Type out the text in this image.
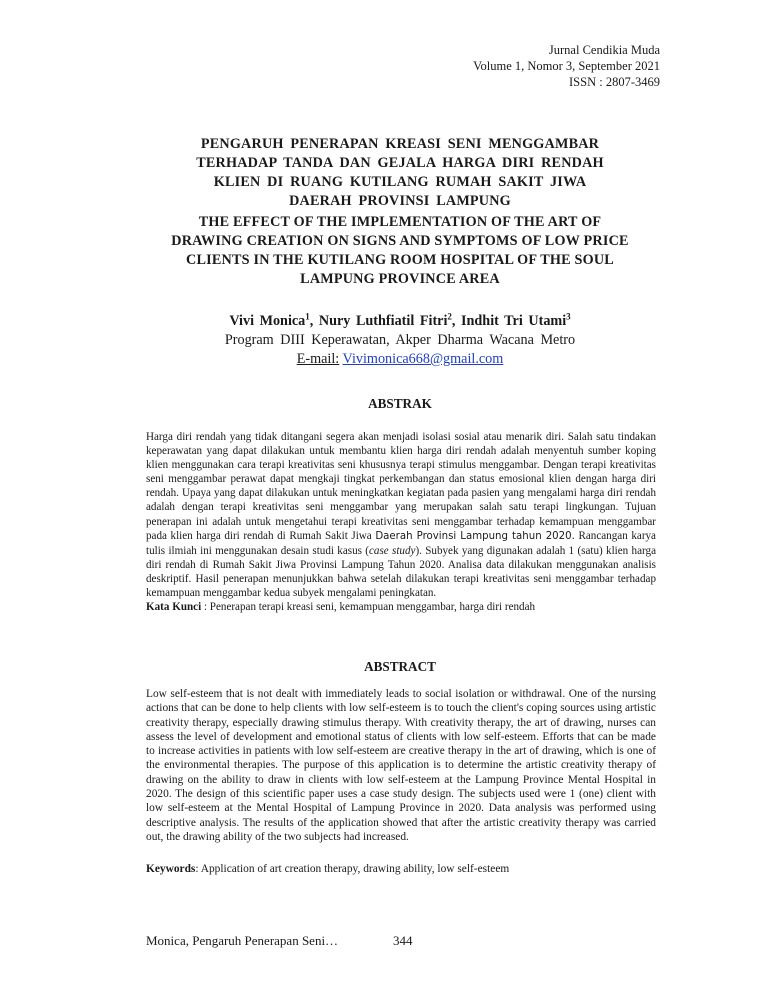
Jurnal Cendikia Muda
Volume 1, Nomor 3, September 2021
ISSN : 2807-3469
PENGARUH PENERAPAN KREASI SENI MENGGAMBAR
TERHADAP TANDA DAN GEJALA HARGA DIRI RENDAH
KLIEN DI RUANG KUTILANG RUMAH SAKIT JIWA
DAERAH PROVINSI LAMPUNG
THE EFFECT OF THE IMPLEMENTATION OF THE ART OF
DRAWING CREATION ON SIGNS AND SYMPTOMS OF LOW PRICE
CLIENTS IN THE KUTILANG ROOM HOSPITAL OF THE SOUL
LAMPUNG PROVINCE AREA
Vivi Monica$^1$, Nury Luthfiatil Fitri$^2$, Indhit Tri Utami$^3$
Program DIII Keperawatan, Akper Dharma Wacana Metro
E-mail: Vivimonica668@gmail.com
ABSTRAK
Harga diri rendah yang tidak ditangani segera akan menjadi isolasi sosial atau menarik diri. Salah satu tindakan keperawatan yang dapat dilakukan untuk membantu klien harga diri rendah adalah menyentuh sumber koping klien menggunakan cara terapi kreativitas seni khususnya terapi stimulus menggambar. Dengan terapi kreativitas seni menggambar perawat dapat mengkaji tingkat perkembangan dan status emosional klien dengan harga diri rendah. Upaya yang dapat dilakukan untuk meningkatkan kegiatan pada pasien yang mengalami harga diri rendah adalah dengan terapi kreativitas seni menggambar yang merupakan salah satu terapi lingkungan. Tujuan penerapan ini adalah untuk mengetahui terapi kreativitas seni menggambar terhadap kemampuan menggambar pada klien harga diri rendah di Rumah Sakit Jiwa Daerah Provinsi Lampung tahun 2020. Rancangan karya tulis ilmiah ini menggunakan desain studi kasus (case study). Subyek yang digunakan adalah 1 (satu) klien harga diri rendah di Rumah Sakit Jiwa Provinsi Lampung Tahun 2020. Analisa data dilakukan menggunakan analisis deskriptif. Hasil penerapan menunjukkan bahwa setelah dilakukan terapi kreativitas seni menggambar terhadap kemampuan menggambar kedua subyek mengalami peningkatan.
Kata Kunci : Penerapan terapi kreasi seni, kemampuan menggambar, harga diri rendah
ABSTRACT
Low self-esteem that is not dealt with immediately leads to social isolation or withdrawal. One of the nursing actions that can be done to help clients with low self-esteem is to touch the client's coping sources using artistic creativity therapy, especially drawing stimulus therapy. With creativity therapy, the art of drawing, nurses can assess the level of development and emotional status of clients with low self-esteem. Efforts that can be made to increase activities in patients with low self-esteem are creative therapy in the art of drawing, which is one of the environmental therapies. The purpose of this application is to determine the artistic creativity therapy of drawing on the ability to draw in clients with low self-esteem at the Lampung Province Mental Hospital in 2020. The design of this scientific paper uses a case study design. The subjects used were 1 (one) client with low self-esteem at the Mental Hospital of Lampung Province in 2020. Data analysis was performed using descriptive analysis. The results of the application showed that after the artistic creativity therapy was carried out, the drawing ability of the two subjects had increased.
Keywords: Application of art creation therapy, drawing ability, low self-esteem
Monica, Pengaruh Penerapan Seni…	344
